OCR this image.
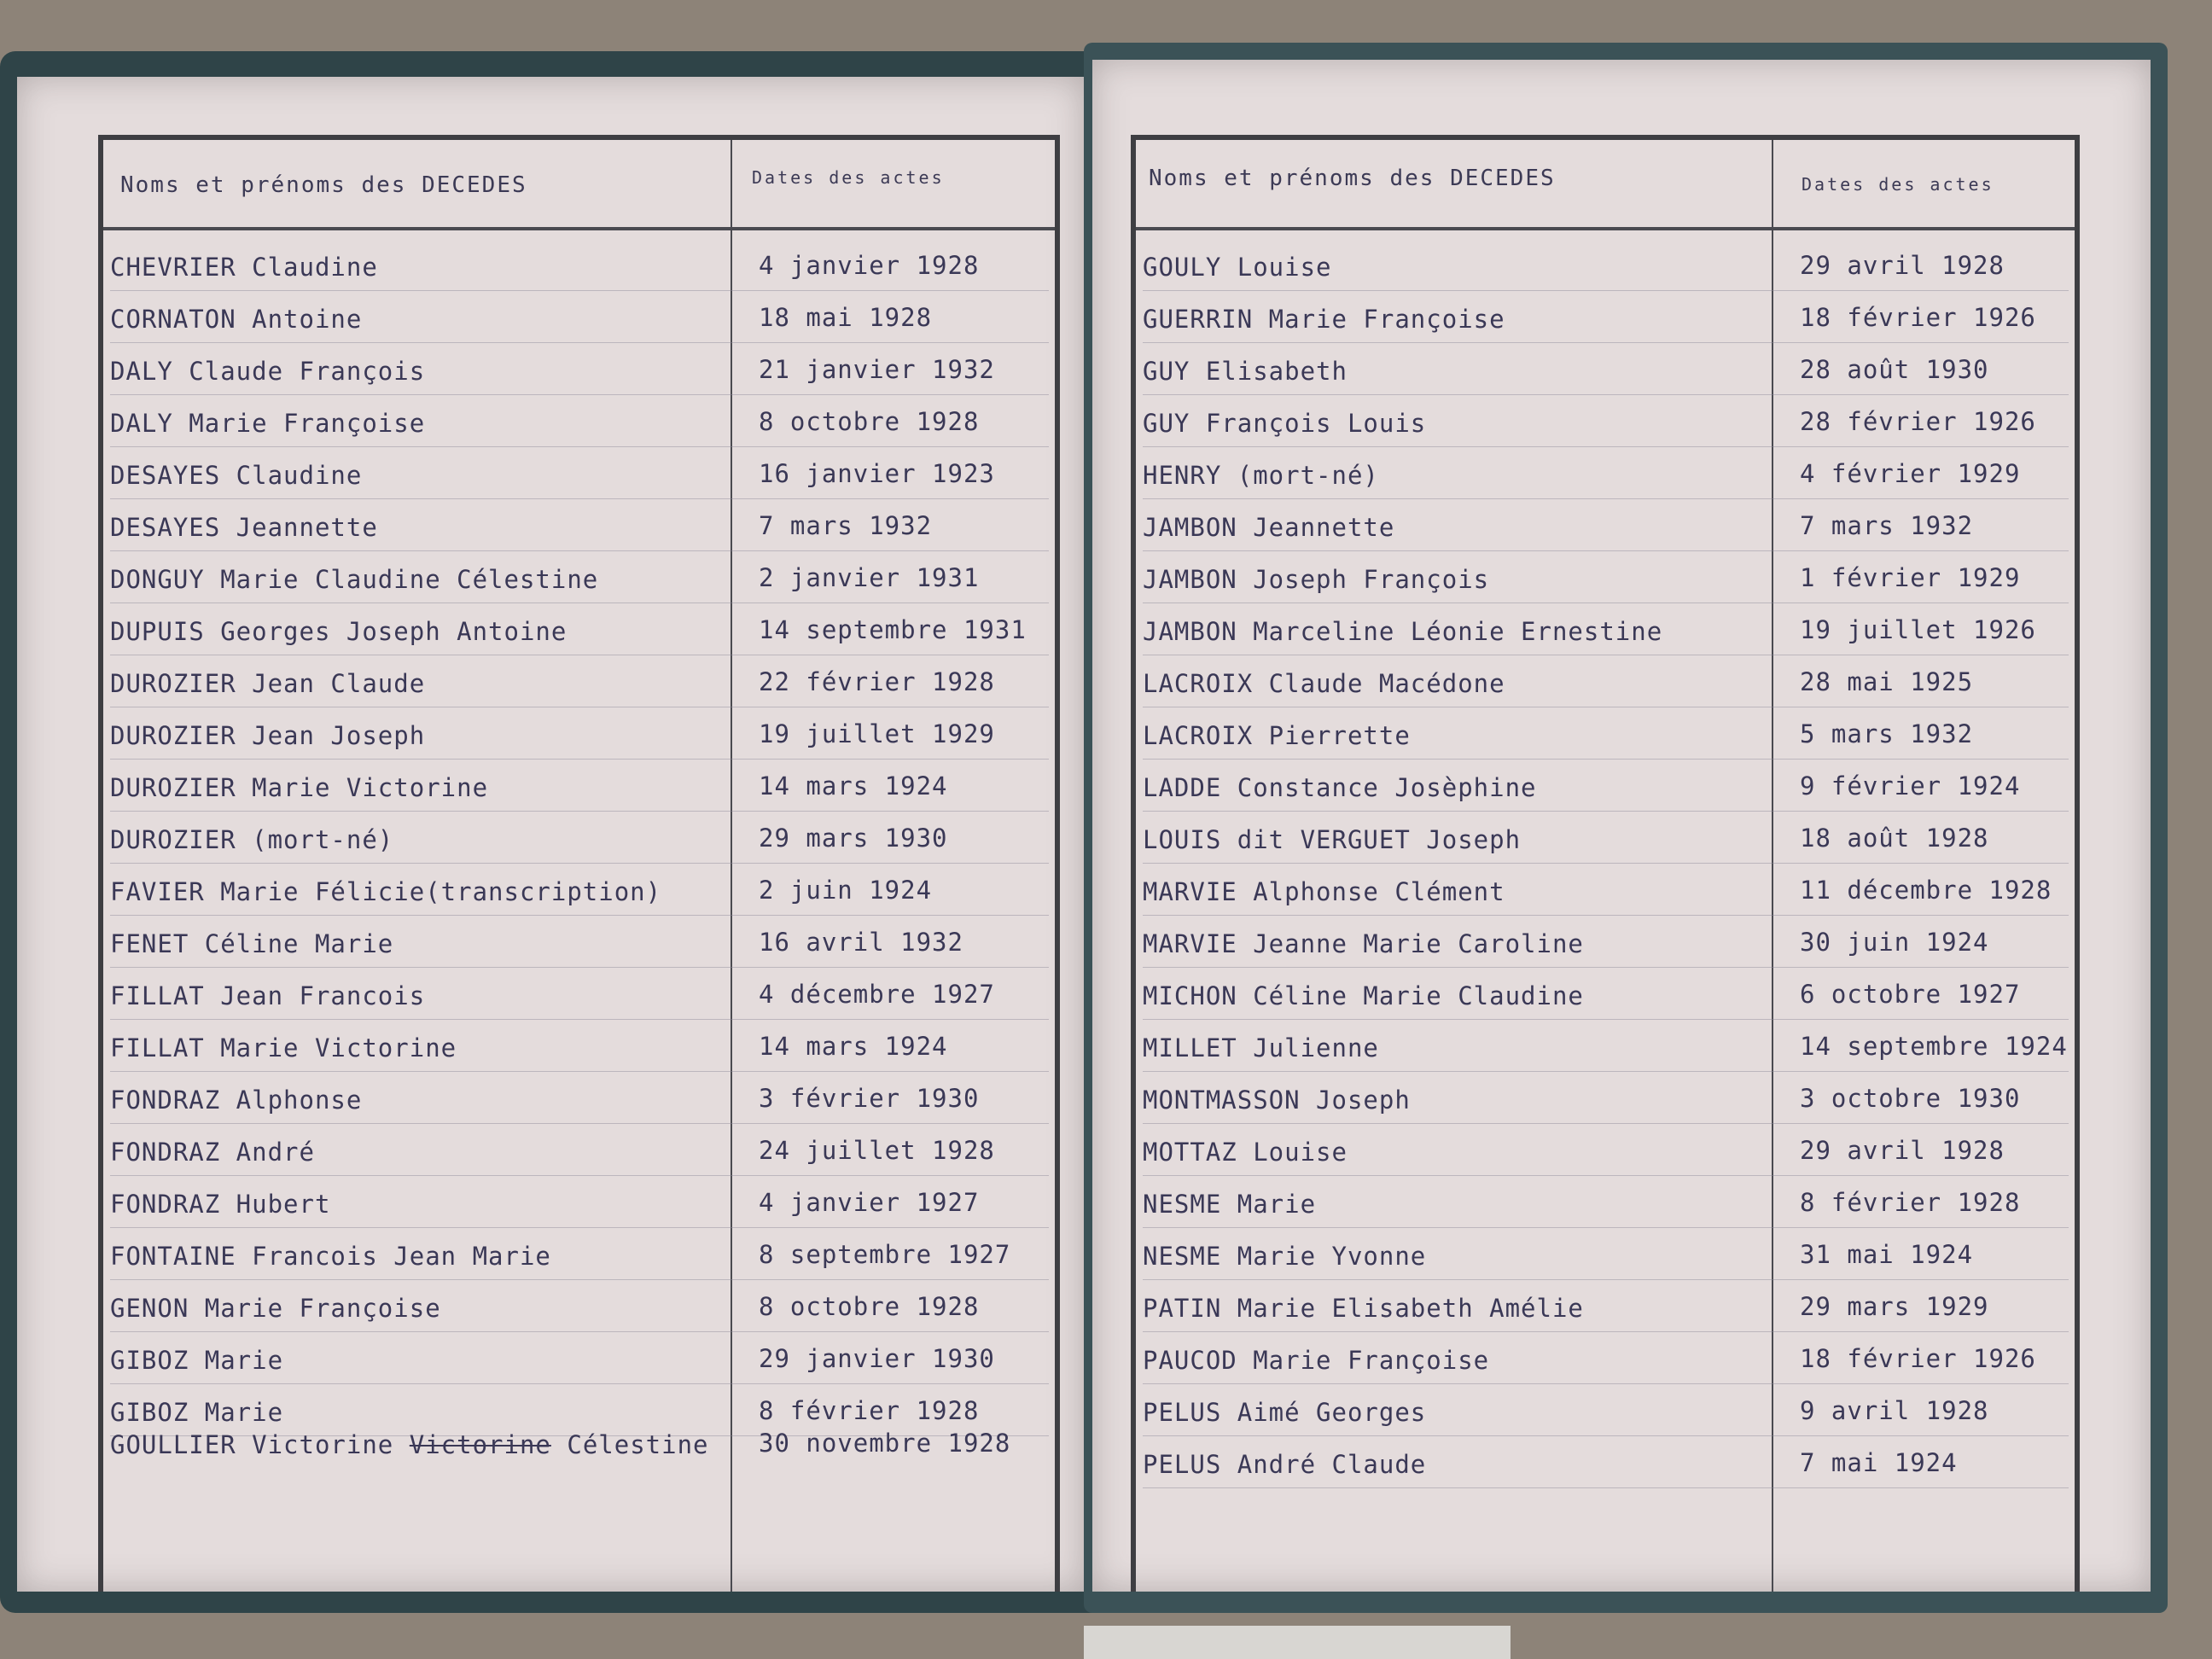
Noms et prénoms des DECEDES	Dates des actes
CHEVRIER Claudine	4 janvier 1928
CORNATON Antoine	18 mai 1928
DALY Claude François	21 janvier 1932
DALY Marie Françoise	8 octobre 1928
DESAYES Claudine	16 janvier 1923
DESAYES Jeannette	7 mars 1932
DONGUY Marie Claudine Célestine	2 janvier 1931
DUPUIS Georges Joseph Antoine	14 septembre 1931
DUROZIER Jean Claude	22 février 1928
DUROZIER Jean Joseph	19 juillet 1929
DUROZIER Marie Victorine	14 mars 1924
DUROZIER (mort-né)	29 mars 1930
FAVIER Marie Félicie(transcription)	2 juin 1924
FENET Céline Marie	16 avril 1932
FILLAT Jean Francois	4 décembre 1927
FILLAT Marie Victorine	14 mars 1924
FONDRAZ Alphonse	3 février 1930
FONDRAZ André	24 juillet 1928
FONDRAZ Hubert	4 janvier 1927
FONTAINE Francois Jean Marie	8 septembre 1927
GENON Marie Françoise	8 octobre 1928
GIBOZ Marie	29 janvier 1930
GIBOZ Marie	8 février 1928
GOULLIER Victorine Victorine Célestine 30 novembre 1928
Noms et prénoms des DECEDES	Dates des actes
GOULY Louise	29 avril 1928
GUERRIN Marie Françoise	18 février 1926
GUY Elisabeth	28 août 1930
GUY François Louis	28 février 1926
HENRY (mort-né)	4 février 1929
JAMBON Jeannette	7 mars 1932
JAMBON Joseph François	1 février 1929
JAMBON Marceline Léonie Ernestine	19 juillet 1926
LACROIX Claude Macédone	28 mai 1925
LACROIX Pierrette	5 mars 1932
LADDE Constance Josèphine	9 février 1924
LOUIS dit VERGUET Joseph	18 août 1928
MARVIE Alphonse Clément	11 décembre 1928
MARVIE Jeanne Marie Caroline	30 juin 1924
MICHON Céline Marie Claudine	6 octobre 1927
MILLET Julienne	14 septembre 1924
MONTMASSON Joseph	3 octobre 1930
MOTTAZ Louise	29 avril 1928
NESME Marie	8 février 1928
NESME Marie Yvonne	31 mai 1924
PATIN Marie Elisabeth Amélie	29 mars 1929
PAUCOD Marie Françoise	18 février 1926
PELUS Aimé Georges	9 avril 1928
PELUS André Claude	7 mai 1924
